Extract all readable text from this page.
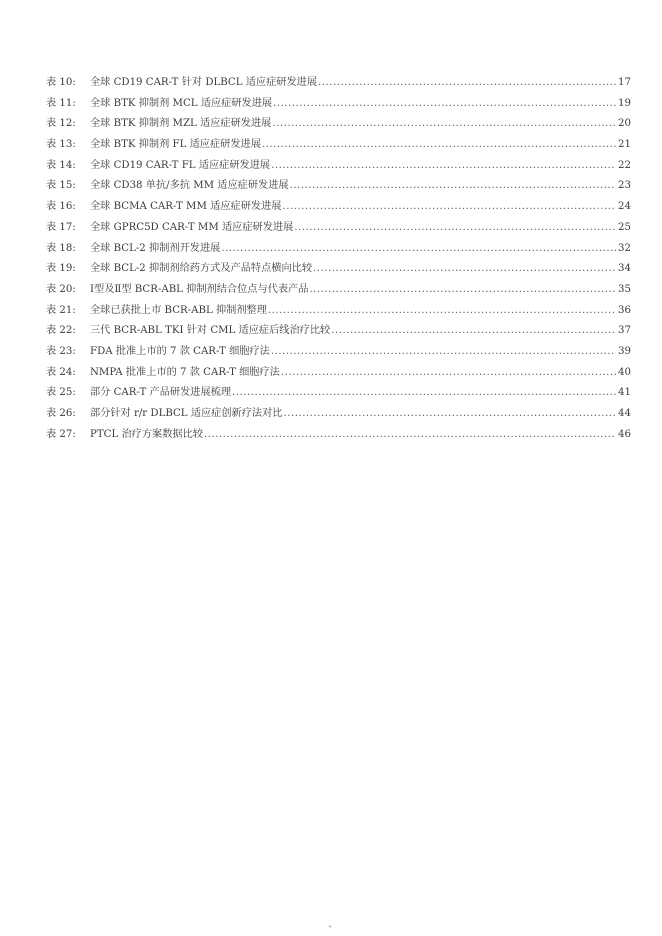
表 10:	全球 CD19 CAR-T 针对 DLBCL 适应症研发进展 .....	17
表 11:	全球 BTK 抑制剂 MCL 适应症研发进展 .....	19
表 12:	全球 BTK 抑制剂 MZL 适应症研发进展 .....	20
表 13:	全球 BTK 抑制剂 FL 适应症研发进展 .....	21
表 14:	全球 CD19 CAR-T FL 适应症研发进展 .....	22
表 15:	全球 CD38 单抗/多抗 MM 适应症研发进展 .....	23
表 16:	全球 BCMA CAR-T MM 适应症研发进展 .....	24
表 17:	全球 GPRC5D CAR-T MM 适应症研发进展 .....	25
表 18:	全球 BCL-2 抑制剂开发进展 .....	32
表 19:	全球 BCL-2 抑制剂给药方式及产品特点横向比较 .....	34
表 20:	Ⅰ型及Ⅱ型 BCR-ABL 抑制剂结合位点与代表产品 .....	35
表 21:	全球已获批上市 BCR-ABL 抑制剂整理 .....	36
表 22:	三代 BCR-ABL TKI 针对 CML 适应症后线治疗比较 .....	37
表 23:	FDA 批准上市的 7 款 CAR-T 细胞疗法 .....	39
表 24:	NMPA 批准上市的 7 款 CAR-T 细胞疗法 .....	40
表 25:	部分 CAR-T 产品研发进展梳理 .....	41
表 26:	部分针对 r/r DLBCL 适应症创新疗法对比 .....	44
表 27:	PTCL 治疗方案数据比较 .....	46
•
